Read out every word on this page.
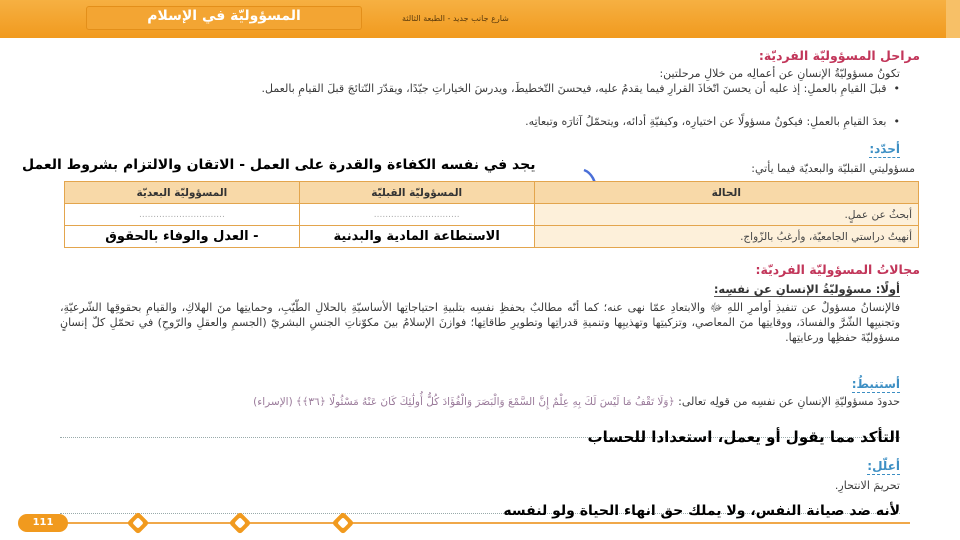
المسؤوليّة في الإسلام	شارع جانب جديد - الطبعة الثالثة
مراحل المسؤوليّة الفرديّة:
تكونُ مسؤوليّةُ الإنسانِ عن أعمالِه من خلالِ مرحلتين:
•  قبلَ القيامِ بالعملِ: إذ عليه أن يحسنَ اتّخاذَ القرارِ فيما يقدمُ عليه، فيحسنَ التّخطيطَ، ويدرسَ الخياراتِ جيّدًا، ويقدّرَ النّتائجَ قبلَ القيامِ بالعمل.
•  بعدَ القيامِ بالعملِ: فيكونُ مسؤولًا عن اختيارِه، وكيفيّةِ أدائه، ويتحمّلُ آثارَه وتبعاتِه.
أحدّد:
مسؤوليتي القبليّة والبعديّة فيما يأتي:
يجد في نفسه الكفاءة والقدرة على العمل - الاتقان والالتزام بشروط العمل
الحالة	المسؤوليّة القبليّة	المسؤوليّة البعديّة
أبحثُ عن عملٍ.	..............................	..............................
أنهيتُ دراستي الجامعيّة، وأرغبُ بالزّواج.	الاستطاعة المادية والبدنية	- العدل والوفاء بالحقوق
مجالاتُ المسؤوليّة الفرديّة:
أولًا: مسؤوليّةُ الإنسانِ عن نفسِه:
فالإنسانُ مسؤولٌ عن تنفيذِ أوامرِ اللهِ ﷻ والابتعادِ عمّا نهى عنه؛ كما أنّه مطالبٌ بحفظِ نفسِه بتلبيةِ احتياجاتِها الأساسيّةِ بالحلالِ الطّيّبِ، وحمايتِها منَ الهلاكِ، والقيامِ بحقوقِها الشّرعيّةِ، وتجنيبِها الشّرَّ والفسادَ، ووقايتِها منَ المعاصي، وتزكيتِها وتهذيبِها وتنميةِ قدراتِها وتطويرِ طاقاتِها؛ فوازنَ الإسلامُ بينَ مكوّناتِ الجنسِ البشريّ (الجسمِ والعقلِ والرّوحِ) في تحمّلِ كلّ إنسانٍ مسؤوليّةَ حفظِها ورعايتِها.
أستنبطُ:
حدودَ مسؤوليّةِ الإنسانِ عن نفسِه من قولِه تعالى: ﴿وَلَا تَقْفُ مَا لَيْسَ لَكَ بِهِ عِلْمٌ إِنَّ السَّمْعَ وَالْبَصَرَ وَالْفُؤَادَ كُلُّ أُولَٰئِكَ كَانَ عَنْهُ مَسْئُولًا ﴿٣٦﴾﴾ (الإسراء)
التأكد مما يقول أو يعمل، استعدادا للحساب
أعلّل:
تحريمَ الانتحارِ.
لأنه ضد صيانة النفس، ولا يملك حق انهاء الحياة ولو لنفسه
111
